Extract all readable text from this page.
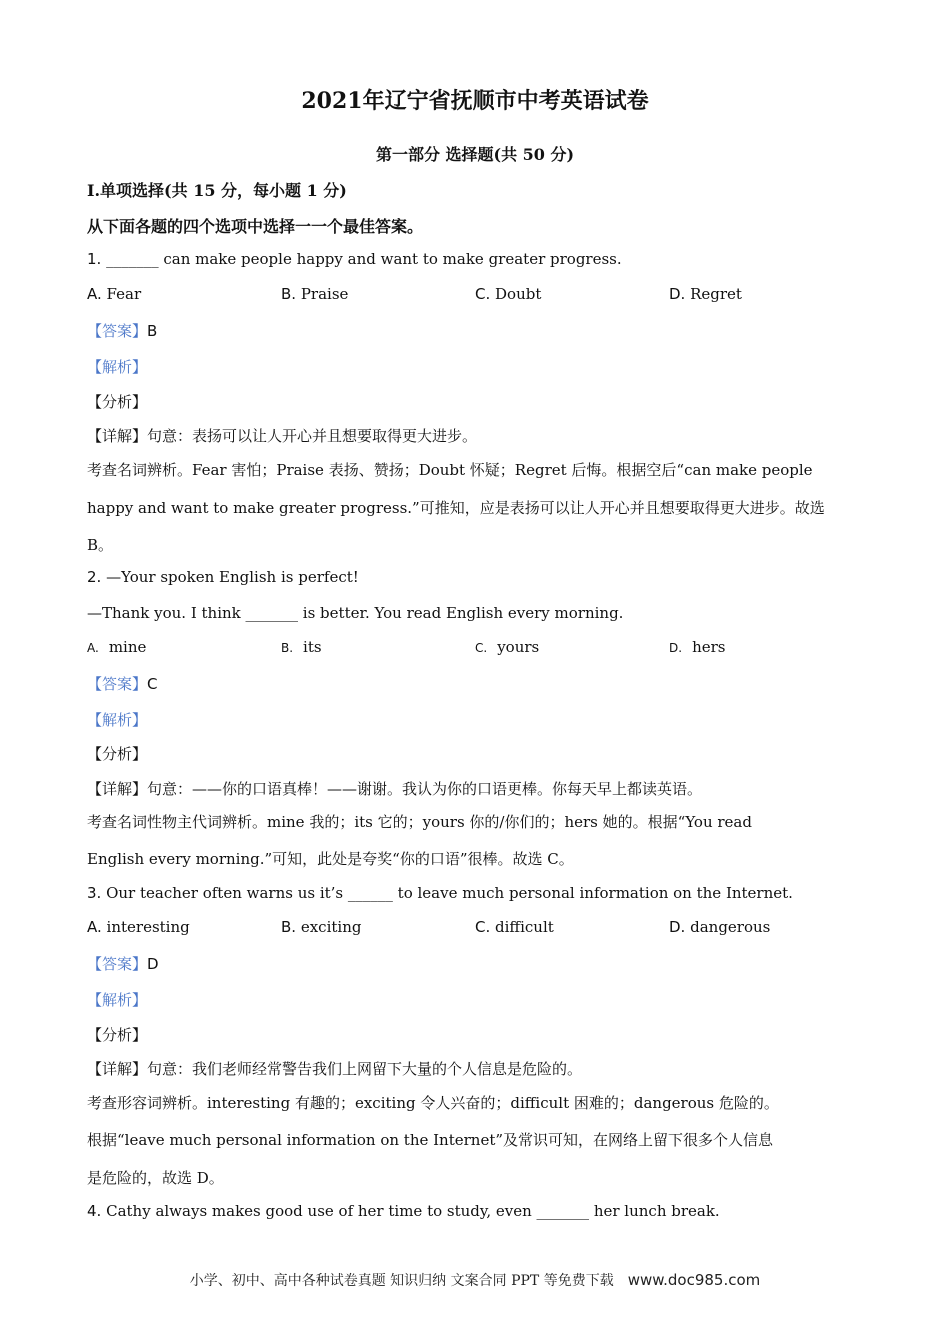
2021年辽宁省抚顺市中考英语试卷
第一部分 选择题(共 50 分)
Ⅰ.单项选择(共 15 分，每小题 1 分)
从下面各题的四个选项中选择一一个最佳答案。
1. _______ can make people happy and want to make greater progress.
A. Fear	B. Praise	C. Doubt	D. Regret
【答案】B
【解析】
【分析】
【详解】句意：表扬可以让人开心并且想要取得更大进步。
考查名词辨析。Fear 害怕；Praise 表扬、赞扬；Doubt 怀疑；Regret 后悔。根据空后“can make people
happy and want to make greater progress.”可推知，应是表扬可以让人开心并且想要取得更大进步。故选
B。
2. —Your spoken English is perfect!
—Thank you. I think _______ is better. You read English every morning.
A. mine	B. its	C. yours	D. hers
【答案】C
【解析】
【分析】
【详解】句意：——你的口语真棒！——谢谢。我认为你的口语更棒。你每天早上都读英语。
考查名词性物主代词辨析。mine 我的；its 它的；yours 你的/你们的；hers 她的。根据“You read
English every morning.”可知，此处是夸奖“你的口语”很棒。故选 C。
3. Our teacher often warns us it’s ______ to leave much personal information on the Internet.
A. interesting	B. exciting	C. difficult	D. dangerous
【答案】D
【解析】
【分析】
【详解】句意：我们老师经常警告我们上网留下大量的个人信息是危险的。
考查形容词辨析。interesting 有趣的；exciting 令人兴奋的；difficult 困难的；dangerous 危险的。
根据“leave much personal information on the Internet”及常识可知，在网络上留下很多个人信息
是危险的，故选 D。
4. Cathy always makes good use of her time to study, even _______ her lunch break.
小学、初中、高中各种试卷真题 知识归纳 文案合同 PPT 等免费下载 www.doc985.com
